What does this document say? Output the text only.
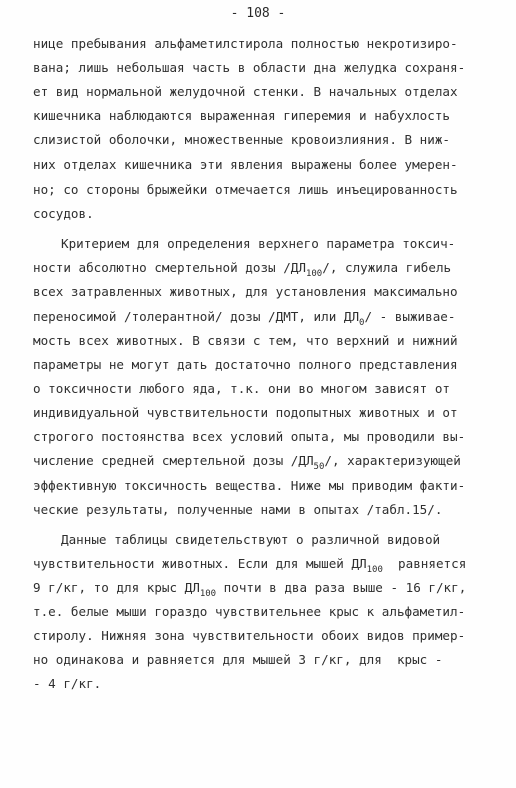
- 108 -
нице пребывания альфаметилстирола полностью некротизиро-
вана; лишь небольшая часть в области дна желудка сохраня-
ет вид нормальной желудочной стенки. В начальных отделах
кишечника наблюдаются выраженная гиперемия и набухлость
слизистой оболочки, множественные кровоизлияния. В ниж-
них отделах кишечника эти явления выражены более умерен-
но; со стороны брыжейки отмечается лишь инъецированность
сосудов.
Критерием для определения верхнего параметра токсич-
ности абсолютно смертельной дозы $/ДЛ_{100}/$, служила гибель
всех затравленных животных, для установления максимально
переносимой /толерантной/ дозы /ДМТ, или $ДЛ_0/$ - выживае-
мость всех животных. В связи с тем, что верхний и нижний
параметры не могут дать достаточно полного представления
о токсичности любого яда, т.к. они во многом зависят от
индивидуальной чувствительности подопытных животных и от
строгого постоянства всех условий опыта, мы проводили вы-
числение средней смертельной дозы $/ДЛ_{50}/$, характеризующей
эффективную токсичность вещества. Ниже мы приводим факти-
ческие результаты, полученные нами в опытах /табл.15/.
Данные таблицы свидетельствуют о различной видовой
чувствительности животных. Если для мышей $ДЛ_{100}$  равняется
9 г/кг, то для крыс $ДЛ_{100}$ почти в два раза выше - 16 г/кг,
т.е. белые мыши гораздо чувствительнее крыс к альфаметил-
стиролу. Нижняя зона чувствительности обоих видов пример-
но одинакова и равняется для мышей 3 г/кг, для  крыс -
- 4 г/кг.
